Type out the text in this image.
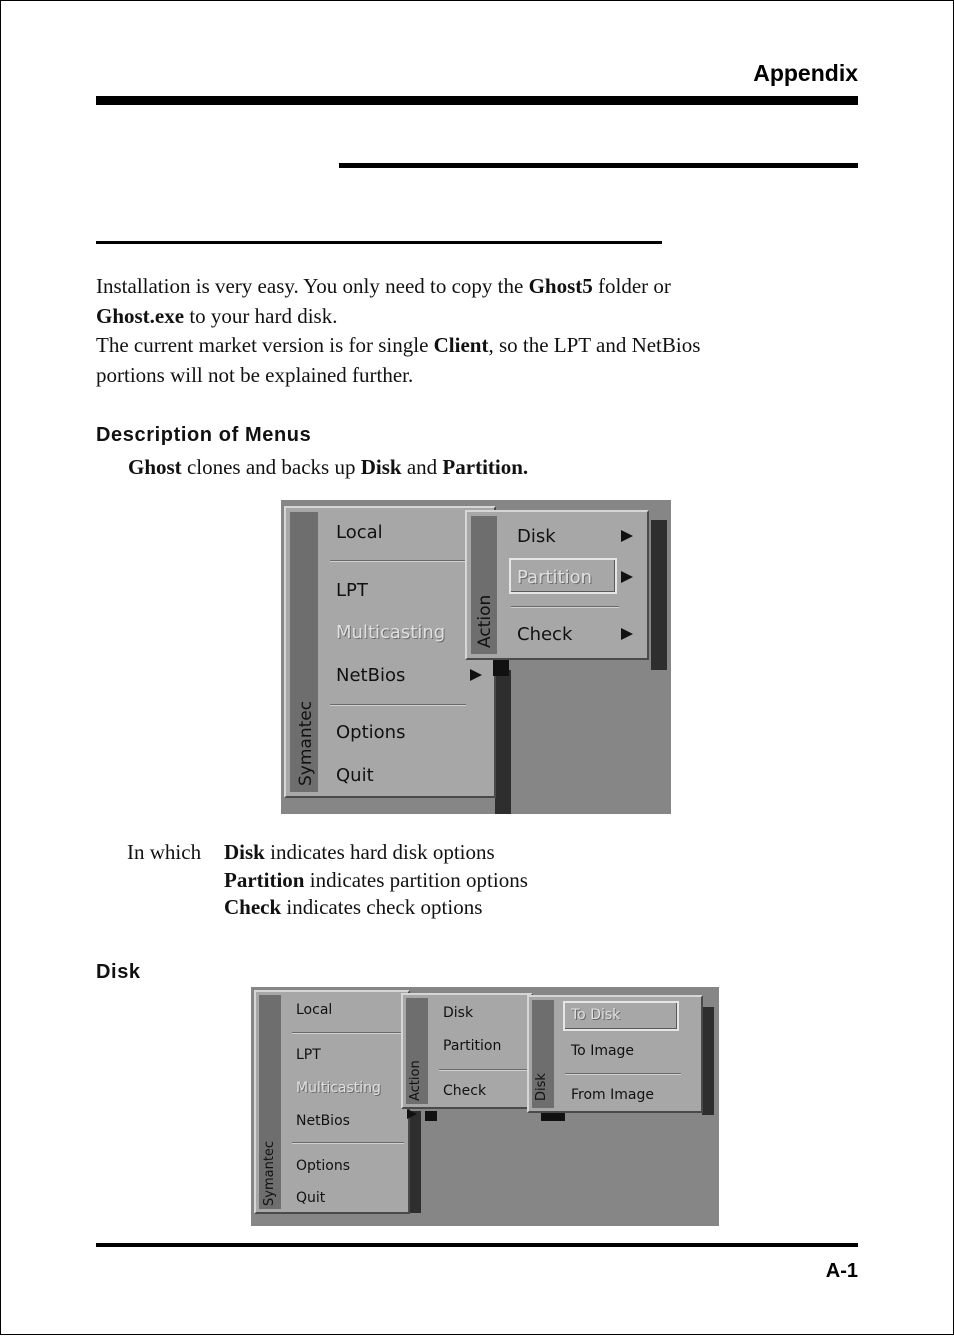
Appendix
Installation is very easy. You only need to copy the Ghost5 folder or
Ghost.exe to your hard disk.
The current market version is for single Client, so the LPT and NetBios
portions will not be explained further.
Description of Menus
Ghost clones and backs up Disk and Partition.
Symantec
Local
LPT
Multicasting
NetBios
Options
Quit
Action
Disk
Partition
Check
In which Disk indicates hard disk options
Partition indicates partition options
Check indicates check options
Disk
Symantec
Local
LPT
Multicasting
NetBios
Options
Quit
Action
Disk
Partition
Check	Disk
To Disk
To Image
From Image
A-1
